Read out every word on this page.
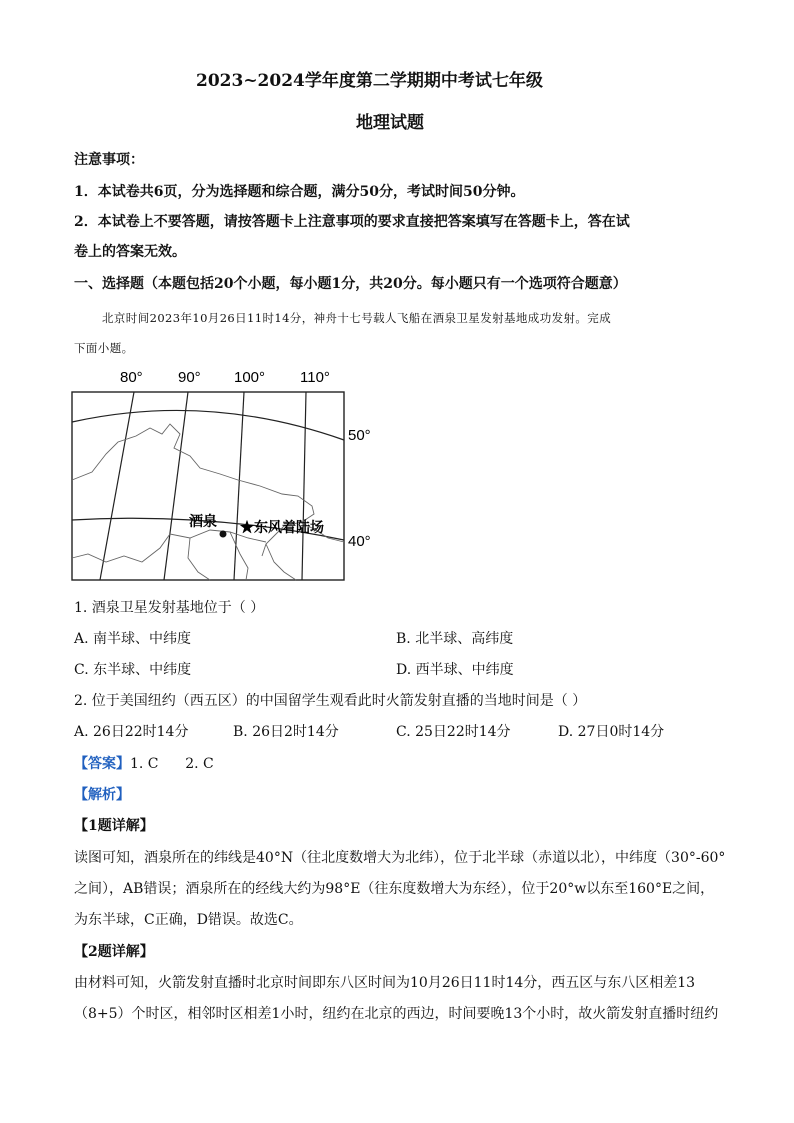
2023~2024学年度第二学期期中考试七年级
地理试题
注意事项：
1．本试卷共6页，分为选择题和综合题，满分50分，考试时间50分钟。
2．本试卷上不要答题，请按答题卡上注意事项的要求直接把答案填写在答题卡上，答在试
卷上的答案无效。
一、选择题（本题包括20个小题，每小题1分，共20分。每小题只有一个选项符合题意）
北京时间2023年10月26日11时14分，神舟十七号载人飞船在酒泉卫星发射基地成功发射。完成
下面小题。
80° 90° 100° 110°
50°
40°
酒泉 ★东风着陆场
1. 酒泉卫星发射基地位于（ ）
A. 南半球、中纬度	B. 北半球、高纬度
C. 东半球、中纬度	D. 西半球、中纬度
2. 位于美国纽约（西五区）的中国留学生观看此时火箭发射直播的当地时间是（ ）
A. 26日22时14分	B. 26日2时14分	C. 25日22时14分	D. 27日0时14分
【答案】1. C      2. C
【解析】
【1题详解】
读图可知，酒泉所在的纬线是40°N（往北度数增大为北纬），位于北半球（赤道以北），中纬度（30°-60°
之间），AB错误；酒泉所在的经线大约为98°E（往东度数增大为东经），位于20°w以东至160°E之间，
为东半球，C正确，D错误。故选C。
【2题详解】
由材料可知，火箭发射直播时北京时间即东八区时间为10月26日11时14分，西五区与东八区相差13
（8+5）个时区，相邻时区相差1小时，纽约在北京的西边，时间要晚13个小时，故火箭发射直播时纽约
